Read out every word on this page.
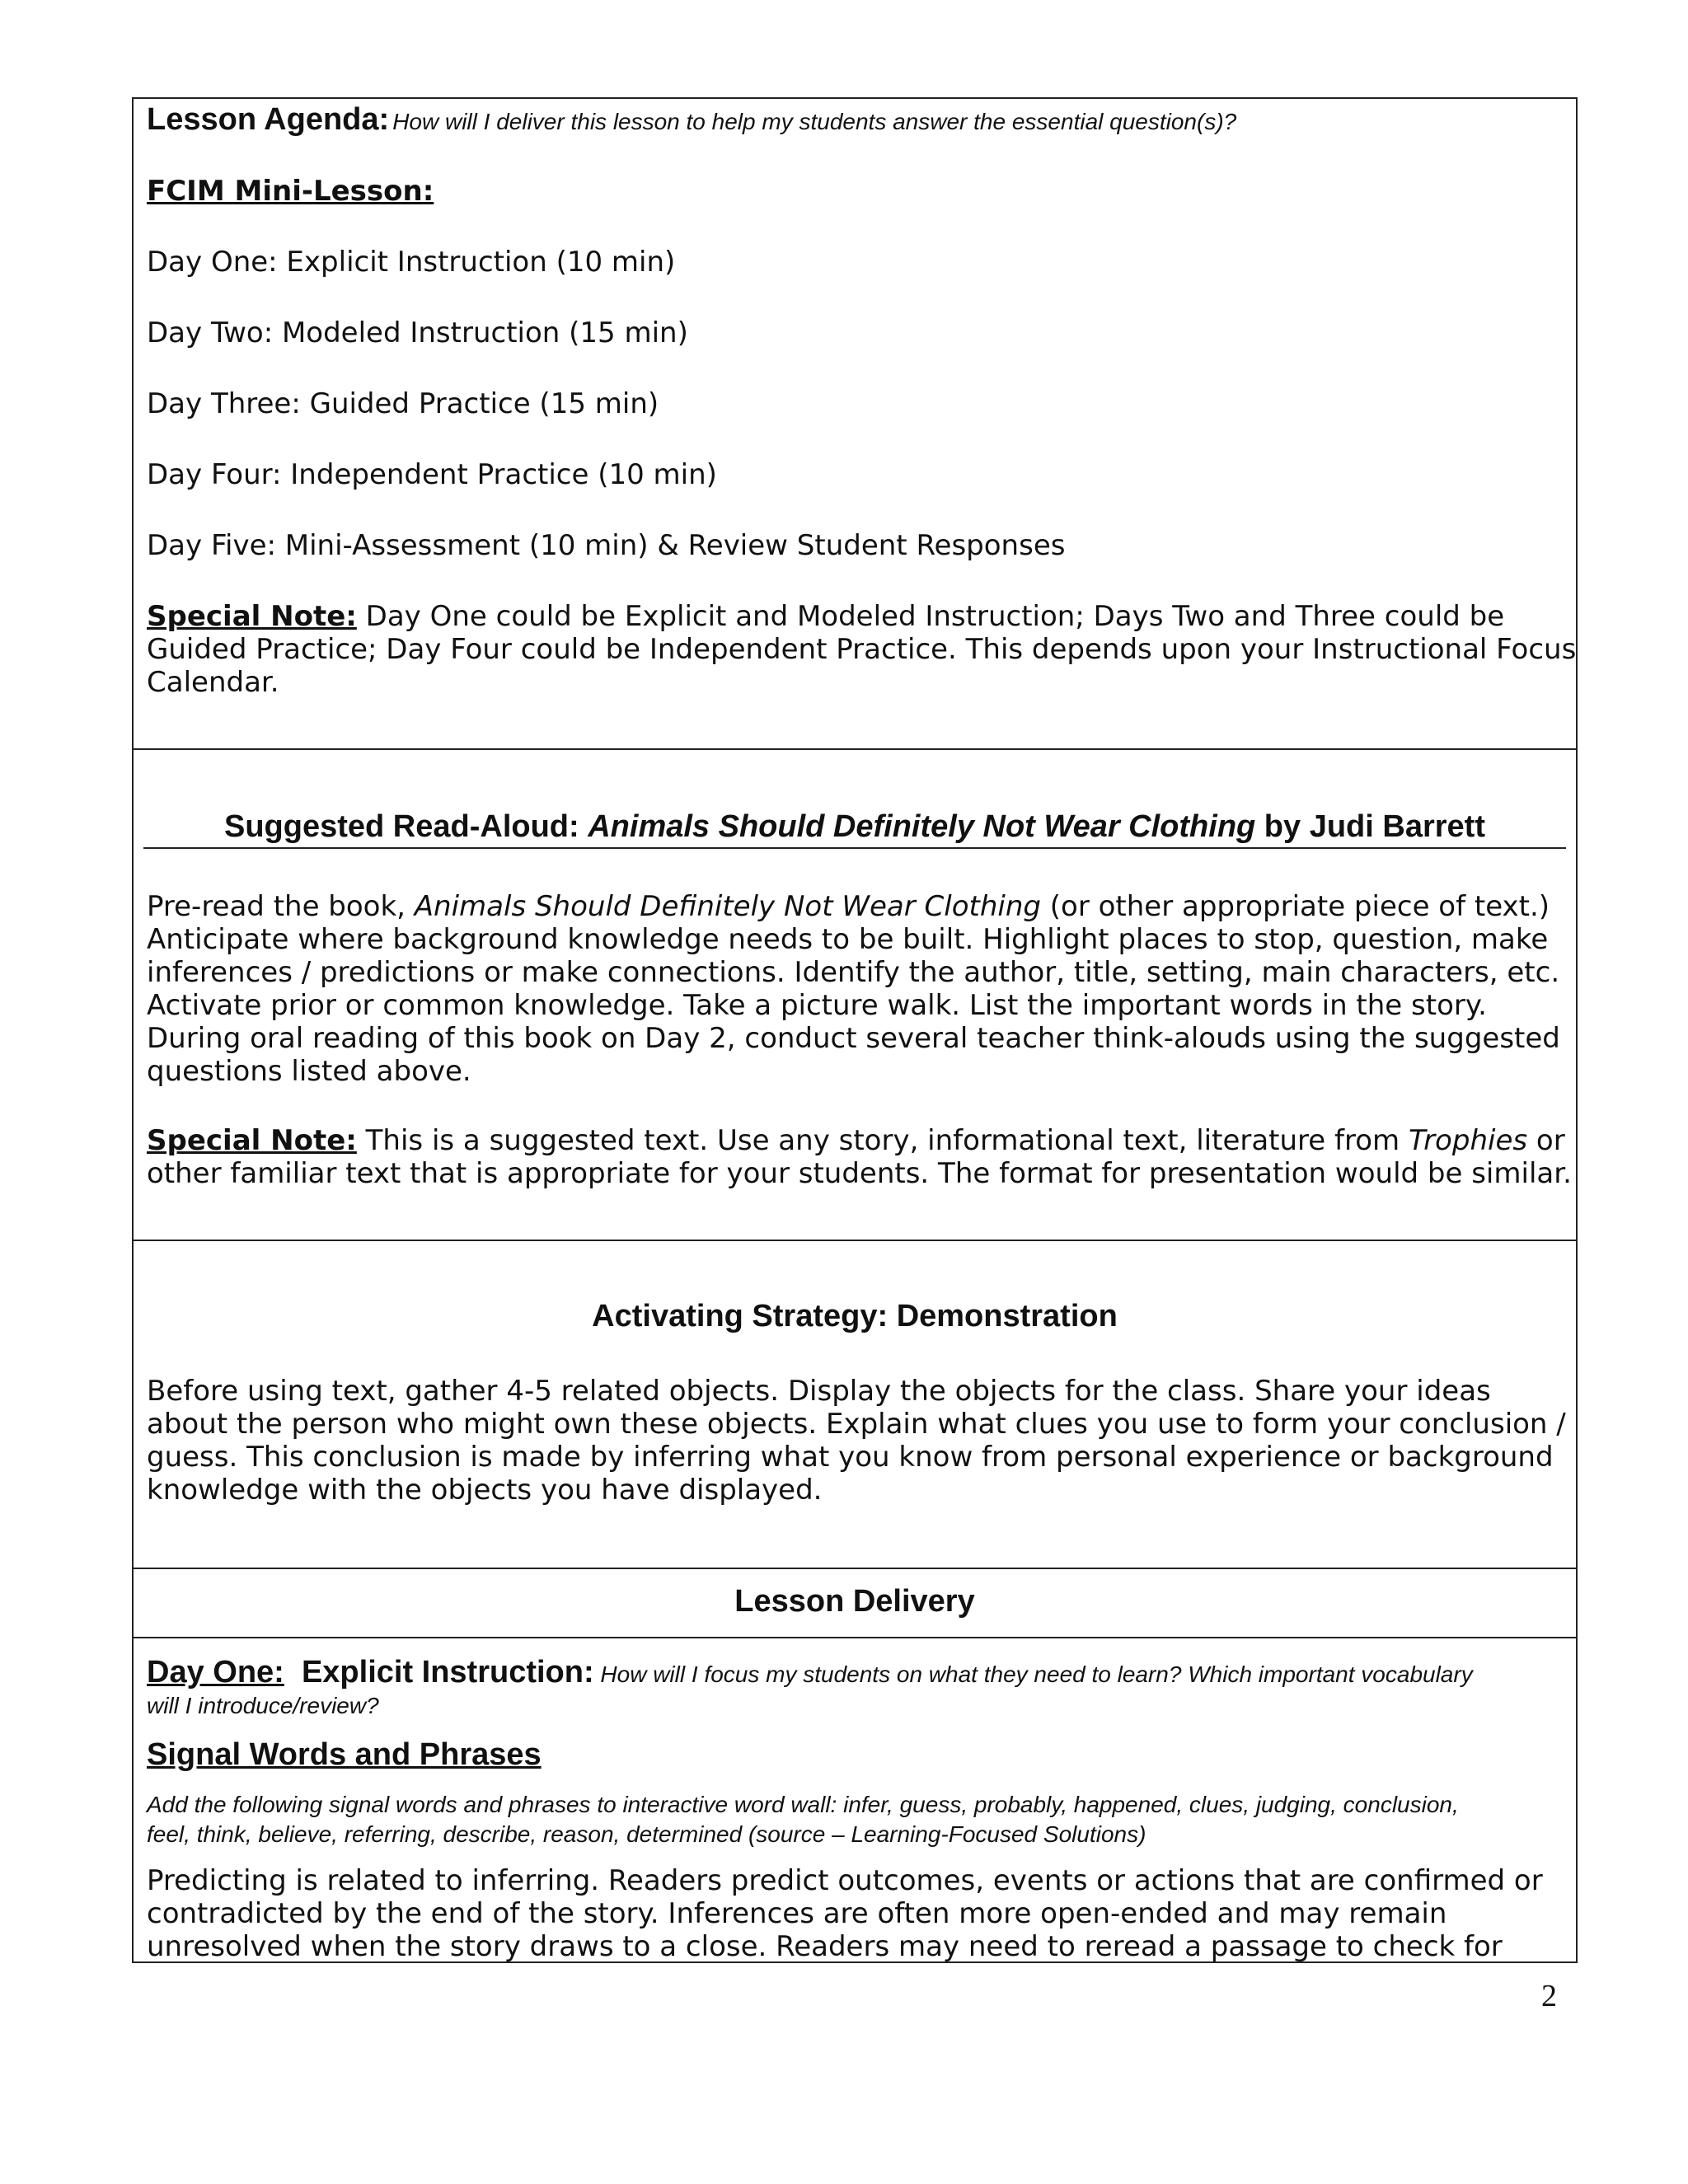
Lesson Agenda: How will I deliver this lesson to help my students answer the essential question(s)?
FCIM Mini-Lesson:
Day One: Explicit Instruction (10 min)
Day Two: Modeled Instruction (15 min)
Day Three: Guided Practice (15 min)
Day Four: Independent Practice (10 min)
Day Five: Mini-Assessment (10 min) & Review Student Responses
Special Note: Day One could be Explicit and Modeled Instruction; Days Two and Three could be
Guided Practice; Day Four could be Independent Practice. This depends upon your Instructional Focus
Calendar.
Suggested Read-Aloud: Animals Should Definitely Not Wear Clothing by Judi Barrett
Pre-read the book, Animals Should Definitely Not Wear Clothing (or other appropriate piece of text.)
Anticipate where background knowledge needs to be built. Highlight places to stop, question, make
inferences / predictions or make connections. Identify the author, title, setting, main characters, etc.
Activate prior or common knowledge. Take a picture walk. List the important words in the story.
During oral reading of this book on Day 2, conduct several teacher think-alouds using the suggested
questions listed above.
Special Note: This is a suggested text. Use any story, informational text, literature from Trophies or
other familiar text that is appropriate for your students. The format for presentation would be similar.
Activating Strategy: Demonstration
Before using text, gather 4-5 related objects. Display the objects for the class. Share your ideas
about the person who might own these objects. Explain what clues you use to form your conclusion /
guess. This conclusion is made by inferring what you know from personal experience or background
knowledge with the objects you have displayed.
Lesson Delivery
Day One:  Explicit Instruction: How will I focus my students on what they need to learn? Which important vocabulary
will I introduce/review?
Signal Words and Phrases
Add the following signal words and phrases to interactive word wall: infer, guess, probably, happened, clues, judging, conclusion,
feel, think, believe, referring, describe, reason, determined (source – Learning-Focused Solutions)
Predicting is related to inferring. Readers predict outcomes, events or actions that are confirmed or
contradicted by the end of the story. Inferences are often more open-ended and may remain
unresolved when the story draws to a close. Readers may need to reread a passage to check for
2
